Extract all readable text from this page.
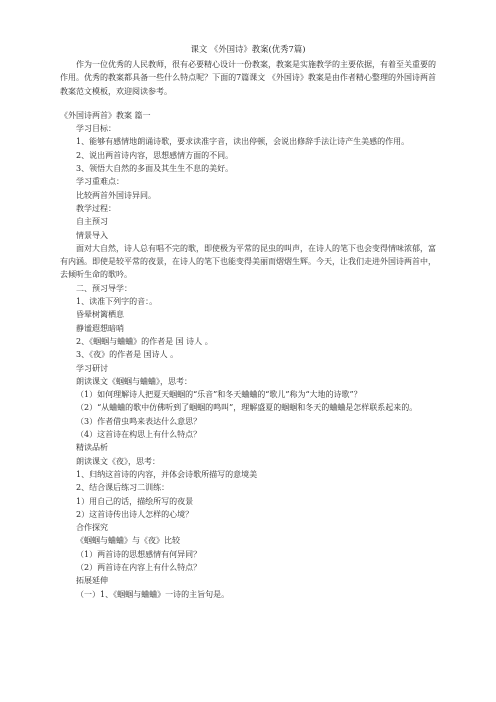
课文 《外国诗》教案(优秀7篇)

作为一位优秀的人民教师，很有必要精心设计一份教案，教案是实施教学的主要依据，有着至关重要的作用。优秀的教案都具备一些什么特点呢？下面的7篇课文 《外国诗》教案是由作者精心整理的外国诗两首教案范文模板，欢迎阅读参考。

《外国诗两首》教案 篇一

学习目标：

1、能够有感情地朗诵诗歌，要求读准字音，读出停顿，会说出修辞手法让诗产生美感的作用。

2、说出两首诗内容，思想感情方面的不同。

3、领悟大自然的多面及其生生不息的美好。

学习重难点：

比较两首外国诗异同。

教学过程：

自主预习

情景导入

面对大自然，诗人总有唱不完的歌，即使极为平常的昆虫的叫声，在诗人的笔下也会变得情味浓郁，富有内涵。即使是较平常的夜景，在诗人的笔下也能变得美丽而熠熠生辉。今天，让我们走进外国诗两首中，去倾听生命的歌吟。

二、预习导学：

1、读准下列字的音：。

昏晕树篱栖息

静谧遐想暗哨

2、《蝈蝈与蛐蛐》的作者是 国 诗人 。

3、《夜》的作者是 国诗人 。

学习研讨

朗读课文《蝈蝈与蛐蛐》，思考：

（1）如何理解诗人把夏天蝈蝈的“乐音”和冬天蛐蛐的“歌儿”称为“大地的诗歌”？

（2）“从蛐蛐的歌中仿佛听到了蝈蝈的鸣叫”，理解盛夏的蝈蝈和冬天的蛐蛐是怎样联系起来的。

（3）作者借虫鸣来表达什么意思？

（4）这首诗在构思上有什么特点？

精读品析

朗读课文《夜》，思考：

1、归纳这首诗的内容，并体会诗歌所描写的意境美

2、结合课后练习二训练：

1）用自己的话，描绘所写的夜景

2）这首诗传出诗人怎样的心境？

合作探究

《蝈蝈与蛐蛐》与《夜》比较

（1）两首诗的思想感情有何异同？

（2）两首诗在内容上有什么特点？

拓展延伸

（一）1、《蝈蝈与蛐蛐》一诗的主旨句是。
